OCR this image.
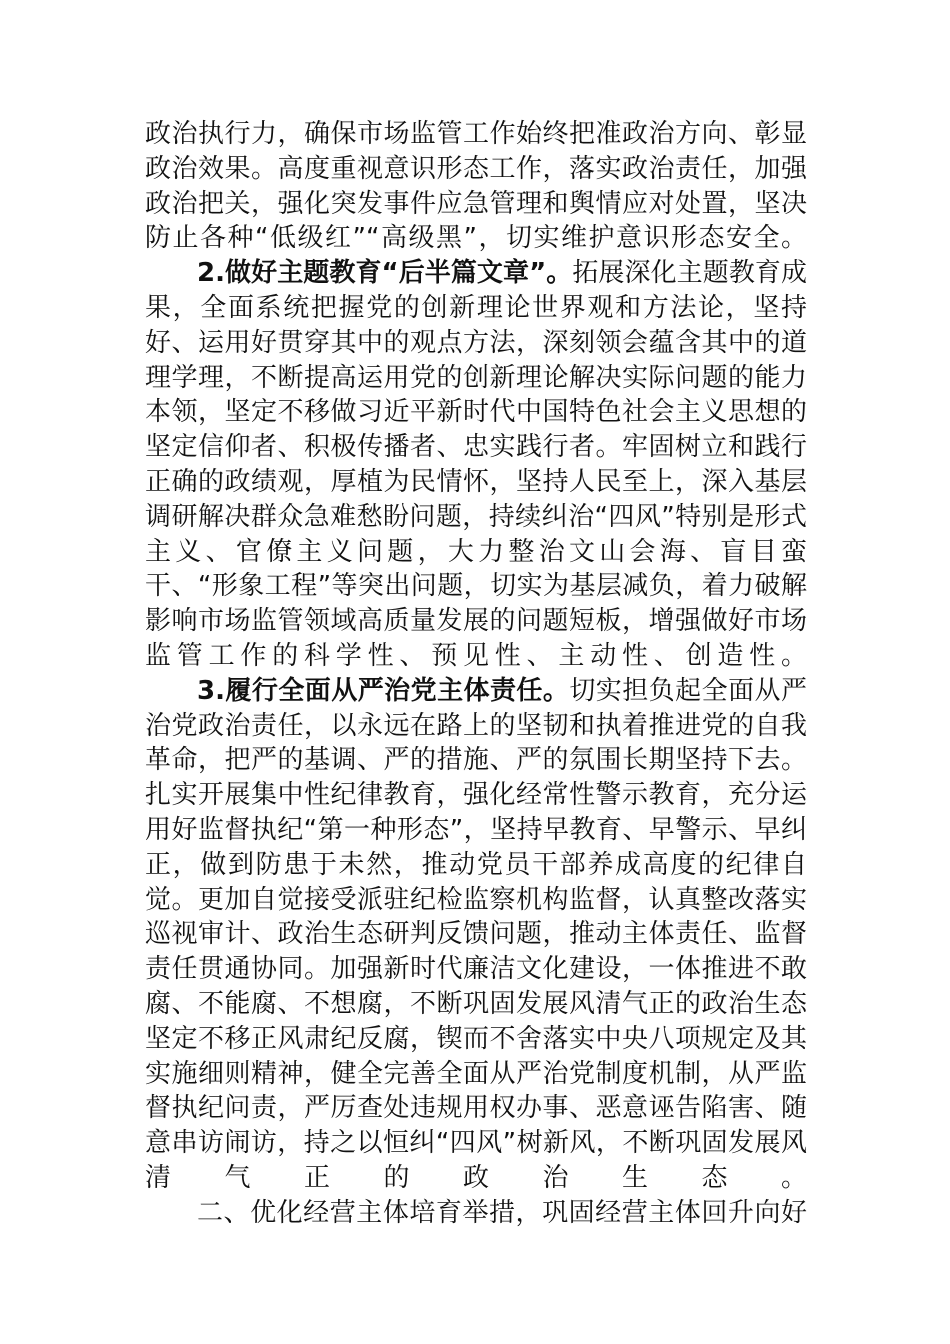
政治执行力，确保市场监管工作始终把准政治方向、彰显政治效果。高度重视意识形态工作，落实政治责任，加强政治把关，强化突发事件应急管理和舆情应对处置，坚决防止各种“低级红”“高级黑”，切实维护意识形态安全。

2.做好主题教育“后半篇文章”。拓展深化主题教育成果，全面系统把握党的创新理论世界观和方法论，坚持好、运用好贯穿其中的观点方法，深刻领会蕴含其中的道理学理，不断提高运用党的创新理论解决实际问题的能力本领，坚定不移做习近平新时代中国特色社会主义思想的坚定信仰者、积极传播者、忠实践行者。牢固树立和践行正确的政绩观，厚植为民情怀，坚持人民至上，深入基层调研解决群众急难愁盼问题，持续纠治“四风”特别是形式主义、官僚主义问题，大力整治文山会海、盲目蛮干、“形象工程”等突出问题，切实为基层减负，着力破解影响市场监管领域高质量发展的问题短板，增强做好市场监管工作的科学性、预见性、主动性、创造性。

3.履行全面从严治党主体责任。切实担负起全面从严治党政治责任，以永远在路上的坚韧和执着推进党的自我革命，把严的基调、严的措施、严的氛围长期坚持下去。扎实开展集中性纪律教育，强化经常性警示教育，充分运用好监督执纪“第一种形态”，坚持早教育、早警示、早纠正，做到防患于未然，推动党员干部养成高度的纪律自觉。更加自觉接受派驻纪检监察机构监督，认真整改落实巡视审计、政治生态研判反馈问题，推动主体责任、监督责任贯通协同。加强新时代廉洁文化建设，一体推进不敢腐、不能腐、不想腐，不断巩固发展风清气正的政治生态坚定不移正风肃纪反腐，锲而不舍落实中央八项规定及其实施细则精神，健全完善全面从严治党制度机制，从严监督执纪问责，严厉查处违规用权办事、恶意诬告陷害、随意串访闹访，持之以恒纠“四风”树新风，不断巩固发展风清气正的政治生态。

二、优化经营主体培育举措，巩固经营主体回升向好
